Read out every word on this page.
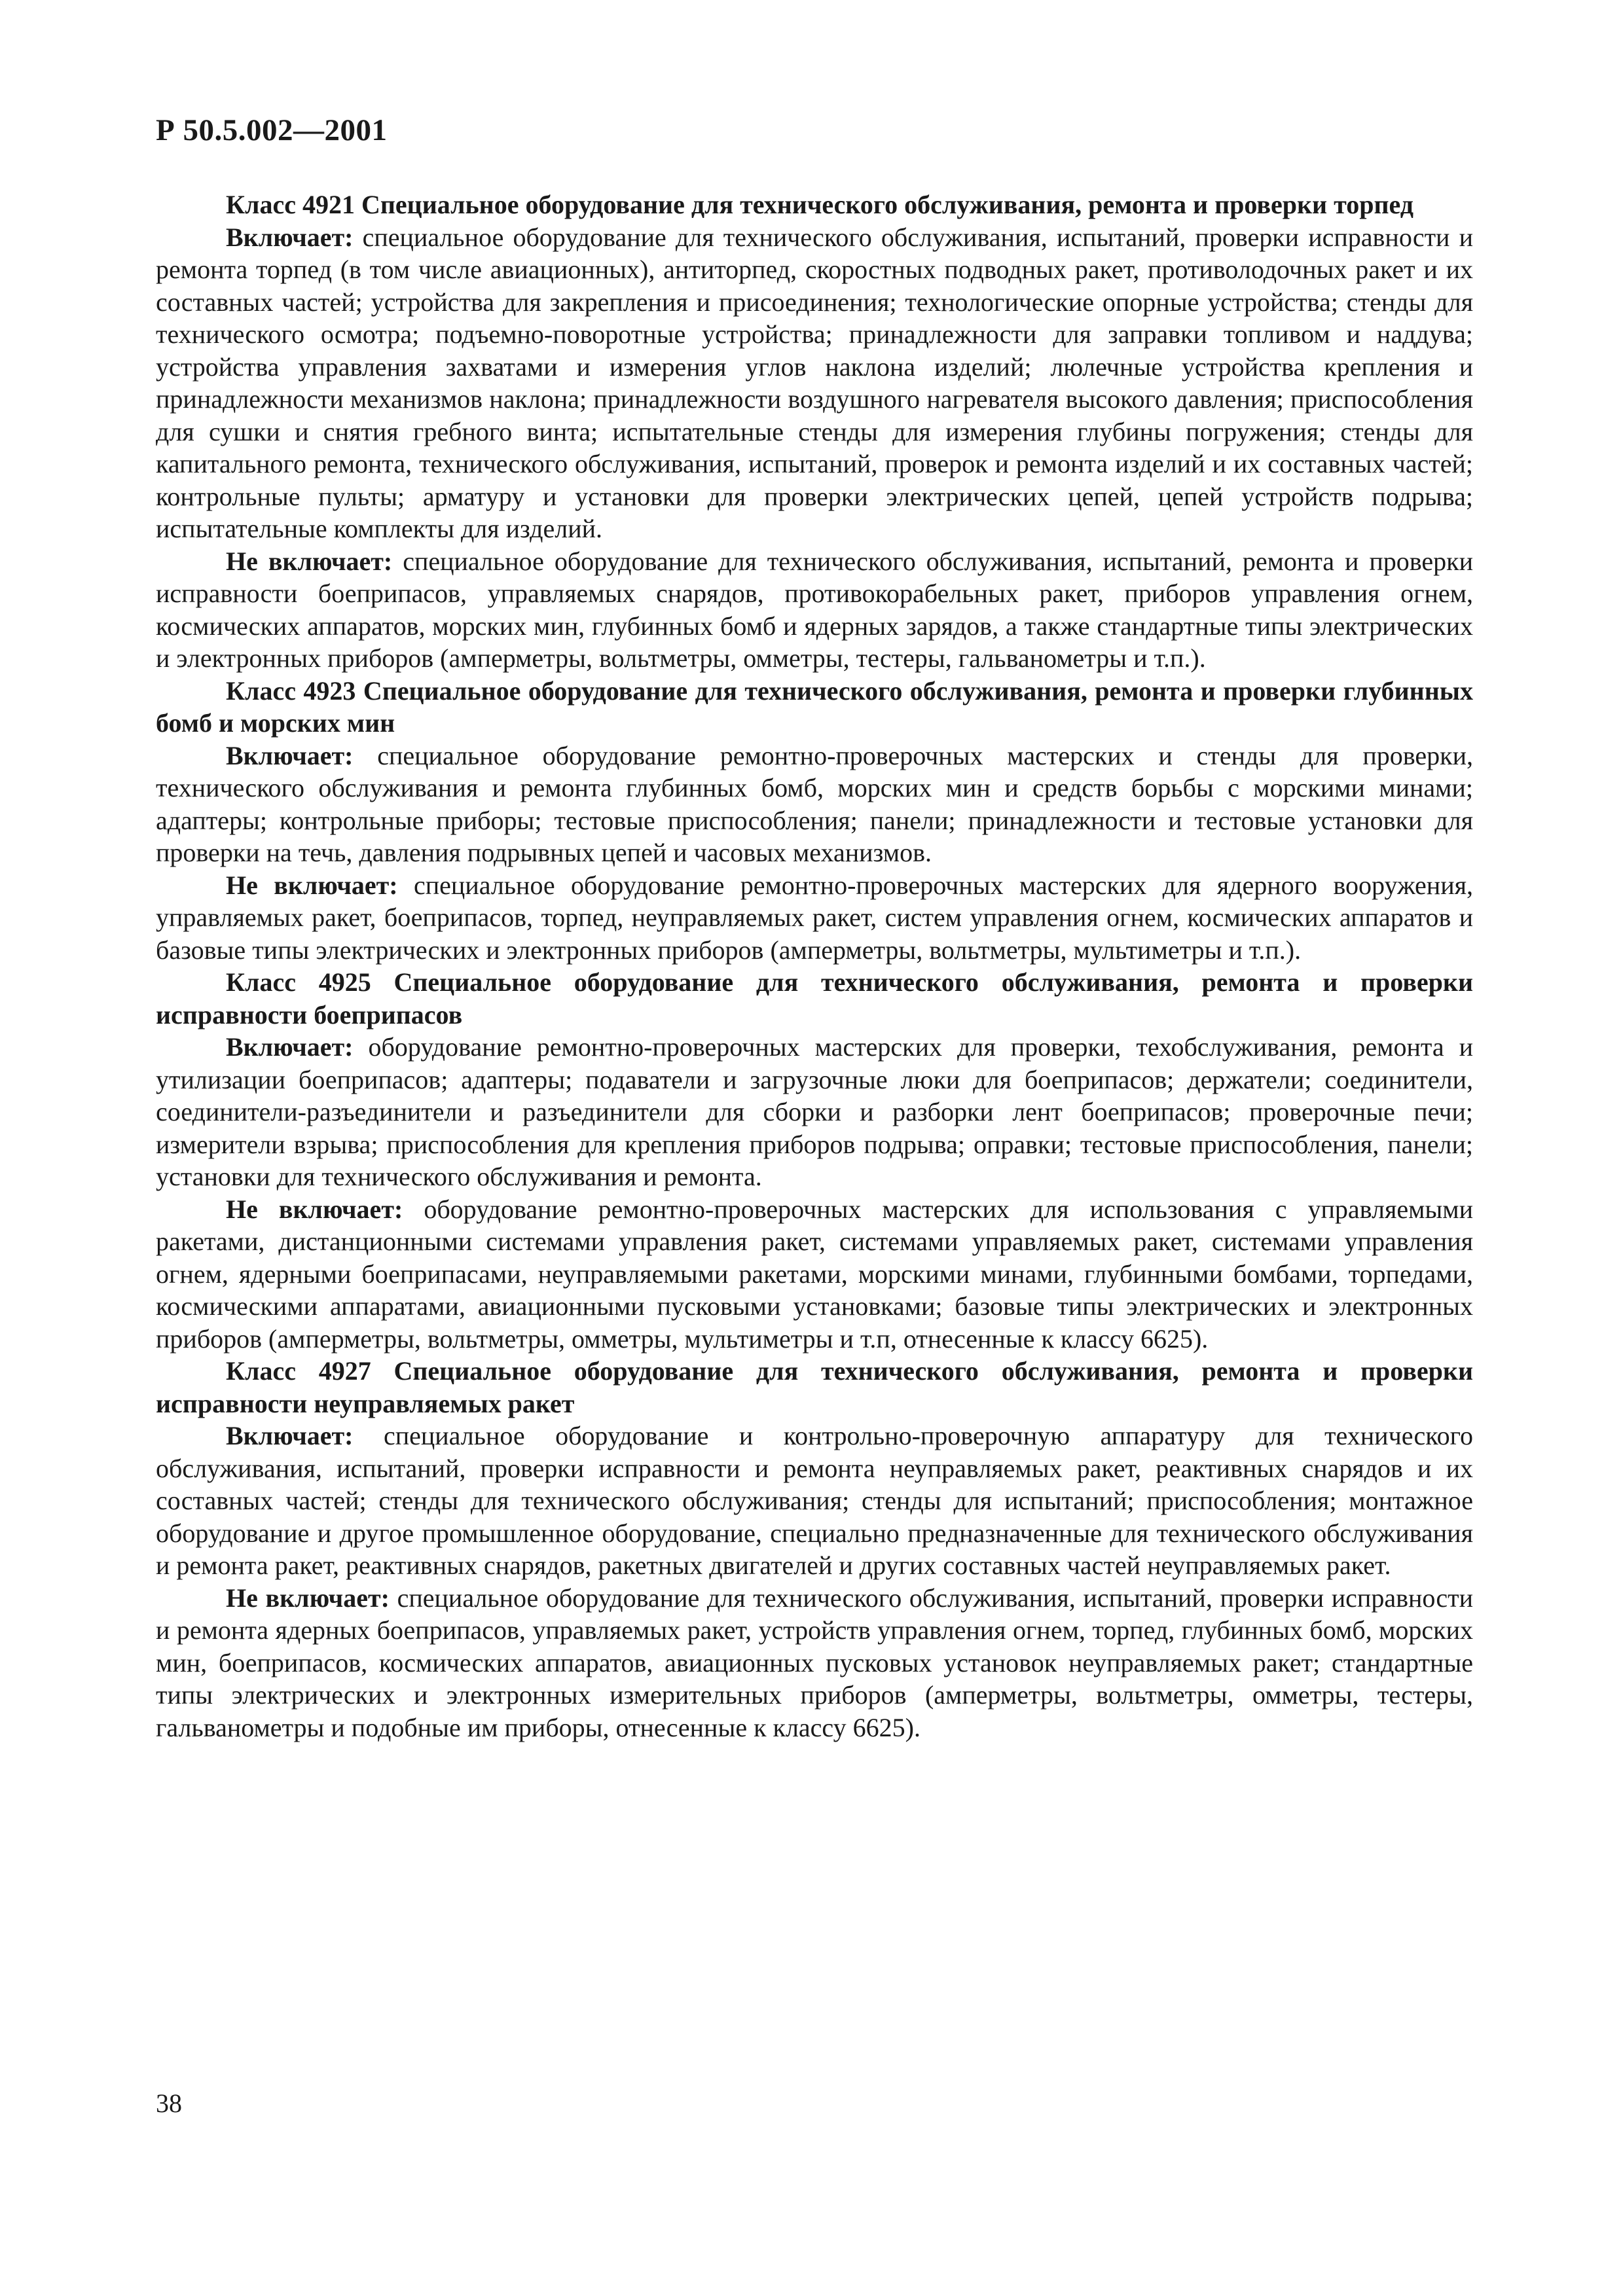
Р 50.5.002—2001

Класс 4921 Специальное оборудование для технического обслуживания, ремонта и проверки торпед

Включает: специальное оборудование для технического обслуживания, испытаний, проверки исправности и ремонта торпед (в том числе авиационных), антиторпед, скоростных подводных ракет, противолодочных ракет и их составных частей; устройства для закрепления и присоединения; технологические опорные устройства; стенды для технического осмотра; подъемно-поворотные устройства; принадлежности для заправки топливом и наддува; устройства управления захватами и измерения углов наклона изделий; люлечные устройства крепления и принадлежности механизмов наклона; принадлежности воздушного нагревателя высокого давления; приспособления для сушки и снятия гребного винта; испытательные стенды для измерения глубины погружения; стенды для капитального ремонта, технического обслуживания, испытаний, проверок и ремонта изделий и их составных частей; контрольные пульты; арматуру и установки для проверки электрических цепей, цепей устройств подрыва; испытательные комплекты для изделий.

Не включает: специальное оборудование для технического обслуживания, испытаний, ремонта и проверки исправности боеприпасов, управляемых снарядов, противокорабельных ракет, приборов управления огнем, космических аппаратов, морских мин, глубинных бомб и ядерных зарядов, а также стандартные типы электрических и электронных приборов (амперметры, вольтметры, омметры, тестеры, гальванометры и т.п.).

Класс 4923 Специальное оборудование для технического обслуживания, ремонта и проверки глубинных бомб и морских мин

Включает: специальное оборудование ремонтно-проверочных мастерских и стенды для проверки, технического обслуживания и ремонта глубинных бомб, морских мин и средств борьбы с морскими минами; адаптеры; контрольные приборы; тестовые приспособления; панели; принадлежности и тестовые установки для проверки на течь, давления подрывных цепей и часовых механизмов.

Не включает: специальное оборудование ремонтно-проверочных мастерских для ядерного вооружения, управляемых ракет, боеприпасов, торпед, неуправляемых ракет, систем управления огнем, космических аппаратов и базовые типы электрических и электронных приборов (амперметры, вольтметры, мультиметры и т.п.).

Класс 4925 Специальное оборудование для технического обслуживания, ремонта и проверки исправности боеприпасов

Включает: оборудование ремонтно-проверочных мастерских для проверки, техобслуживания, ремонта и утилизации боеприпасов; адаптеры; подаватели и загрузочные люки для боеприпасов; держатели; соединители, соединители-разъединители и разъединители для сборки и разборки лент боеприпасов; проверочные печи; измерители взрыва; приспособления для крепления приборов подрыва; оправки; тестовые приспособления, панели; установки для технического обслуживания и ремонта.

Не включает: оборудование ремонтно-проверочных мастерских для использования с управляемыми ракетами, дистанционными системами управления ракет, системами управляемых ракет, системами управления огнем, ядерными боеприпасами, неуправляемыми ракетами, морскими минами, глубинными бомбами, торпедами, космическими аппаратами, авиационными пусковыми установками; базовые типы электрических и электронных приборов (амперметры, вольтметры, омметры, мультиметры и т.п, отнесенные к классу 6625).

Класс 4927 Специальное оборудование для технического обслуживания, ремонта и проверки исправности неуправляемых ракет

Включает: специальное оборудование и контрольно-проверочную аппаратуру для технического обслуживания, испытаний, проверки исправности и ремонта неуправляемых ракет, реактивных снарядов и их составных частей; стенды для технического обслуживания; стенды для испытаний; приспособления; монтажное оборудование и другое промышленное оборудование, специально предназначенные для технического обслуживания и ремонта ракет, реактивных снарядов, ракетных двигателей и других составных частей неуправляемых ракет.

Не включает: специальное оборудование для технического обслуживания, испытаний, проверки исправности и ремонта ядерных боеприпасов, управляемых ракет, устройств управления огнем, торпед, глубинных бомб, морских мин, боеприпасов, космических аппаратов, авиационных пусковых установок неуправляемых ракет; стандартные типы электрических и электронных измерительных приборов (амперметры, вольтметры, омметры, тестеры, гальванометры и подобные им приборы, отнесенные к классу 6625).

38
